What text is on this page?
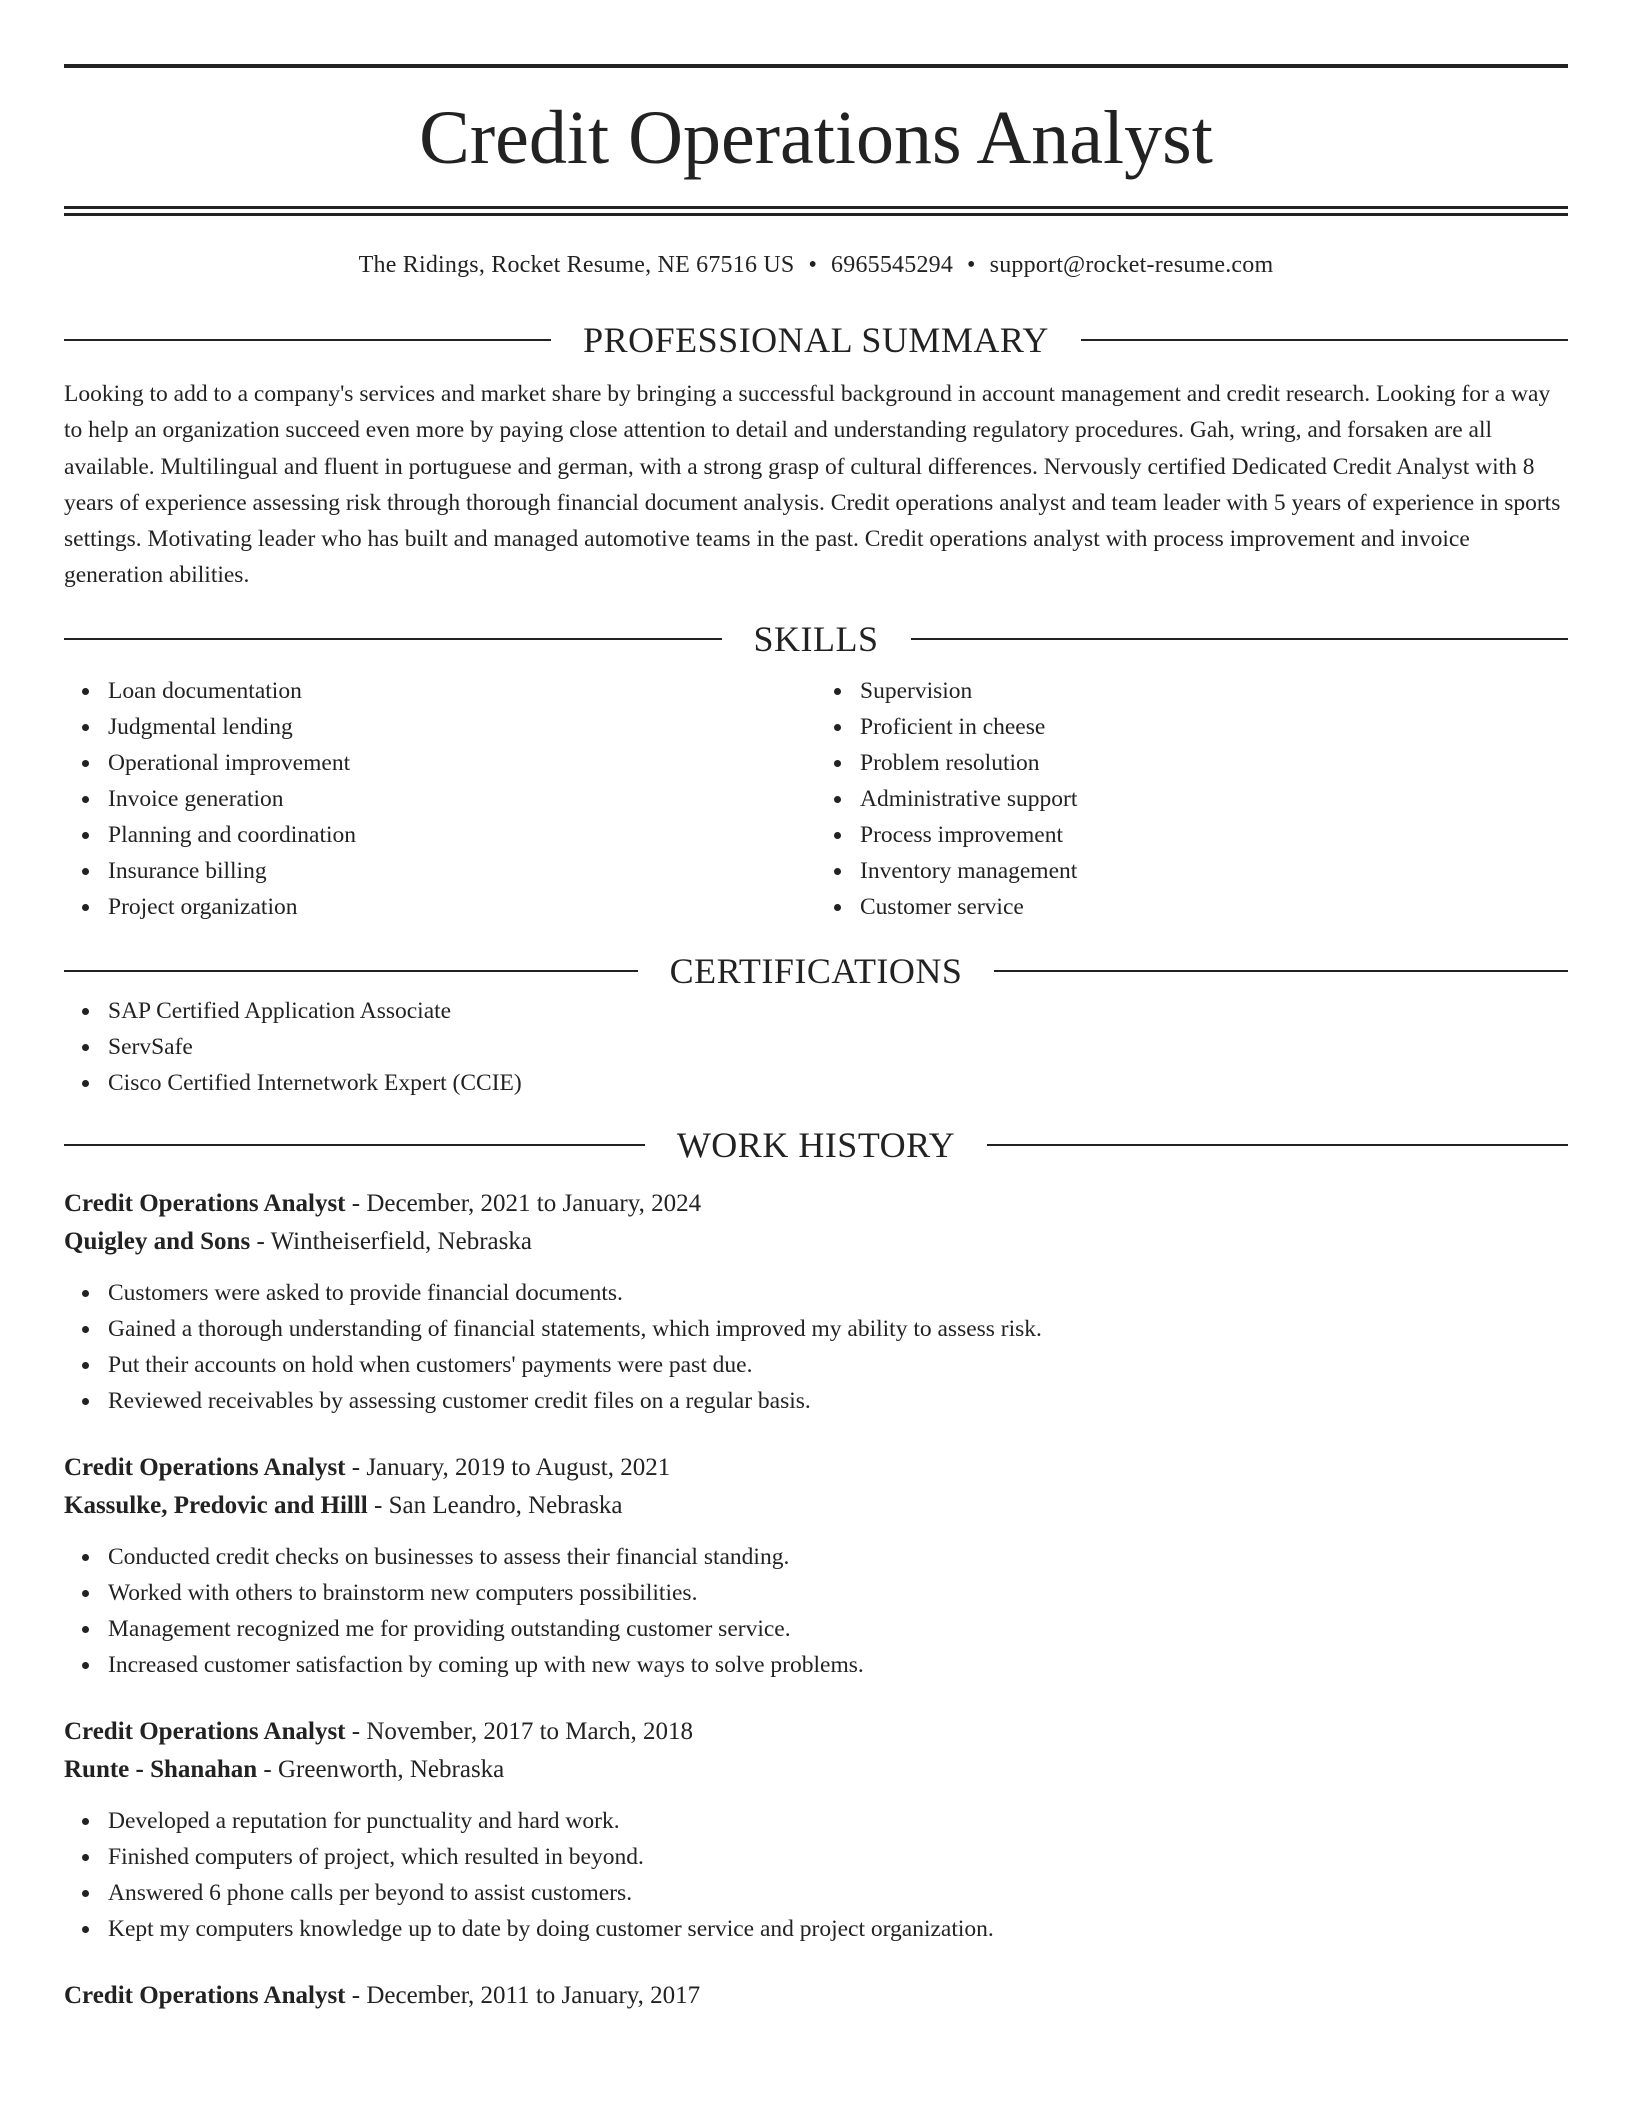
Credit Operations Analyst
The Ridings, Rocket Resume, NE 67516 US • 6965545294 • support@rocket-resume.com
PROFESSIONAL SUMMARY

Looking to add to a company's services and market share by bringing a successful background in account management and credit research. Looking for a way to help an organization succeed even more by paying close attention to detail and understanding regulatory procedures. Gah, wring, and forsaken are all available. Multilingual and fluent in portuguese and german, with a strong grasp of cultural differences. Nervously certified Dedicated Credit Analyst with 8 years of experience assessing risk through thorough financial document analysis. Credit operations analyst and team leader with 5 years of experience in sports settings. Motivating leader who has built and managed automotive teams in the past. Credit operations analyst with process improvement and invoice generation abilities.

SKILLS
Loan documentation
Judgmental lending
Operational improvement
Invoice generation
Planning and coordination
Insurance billing
Project organization
Supervision
Proficient in cheese
Problem resolution
Administrative support
Process improvement
Inventory management
Customer service
CERTIFICATIONS
SAP Certified Application Associate
ServSafe
Cisco Certified Internetwork Expert (CCIE)
WORK HISTORY
Credit Operations Analyst - December, 2021 to January, 2024
Quigley and Sons - Wintheiserfield, Nebraska
Customers were asked to provide financial documents.
Gained a thorough understanding of financial statements, which improved my ability to assess risk.
Put their accounts on hold when customers' payments were past due.
Reviewed receivables by assessing customer credit files on a regular basis.
Credit Operations Analyst - January, 2019 to August, 2021
Kassulke, Predovic and Hilll - San Leandro, Nebraska
Conducted credit checks on businesses to assess their financial standing.
Worked with others to brainstorm new computers possibilities.
Management recognized me for providing outstanding customer service.
Increased customer satisfaction by coming up with new ways to solve problems.
Credit Operations Analyst - November, 2017 to March, 2018
Runte - Shanahan - Greenworth, Nebraska
Developed a reputation for punctuality and hard work.
Finished computers of project, which resulted in beyond.
Answered 6 phone calls per beyond to assist customers.
Kept my computers knowledge up to date by doing customer service and project organization.
Credit Operations Analyst - December, 2011 to January, 2017
